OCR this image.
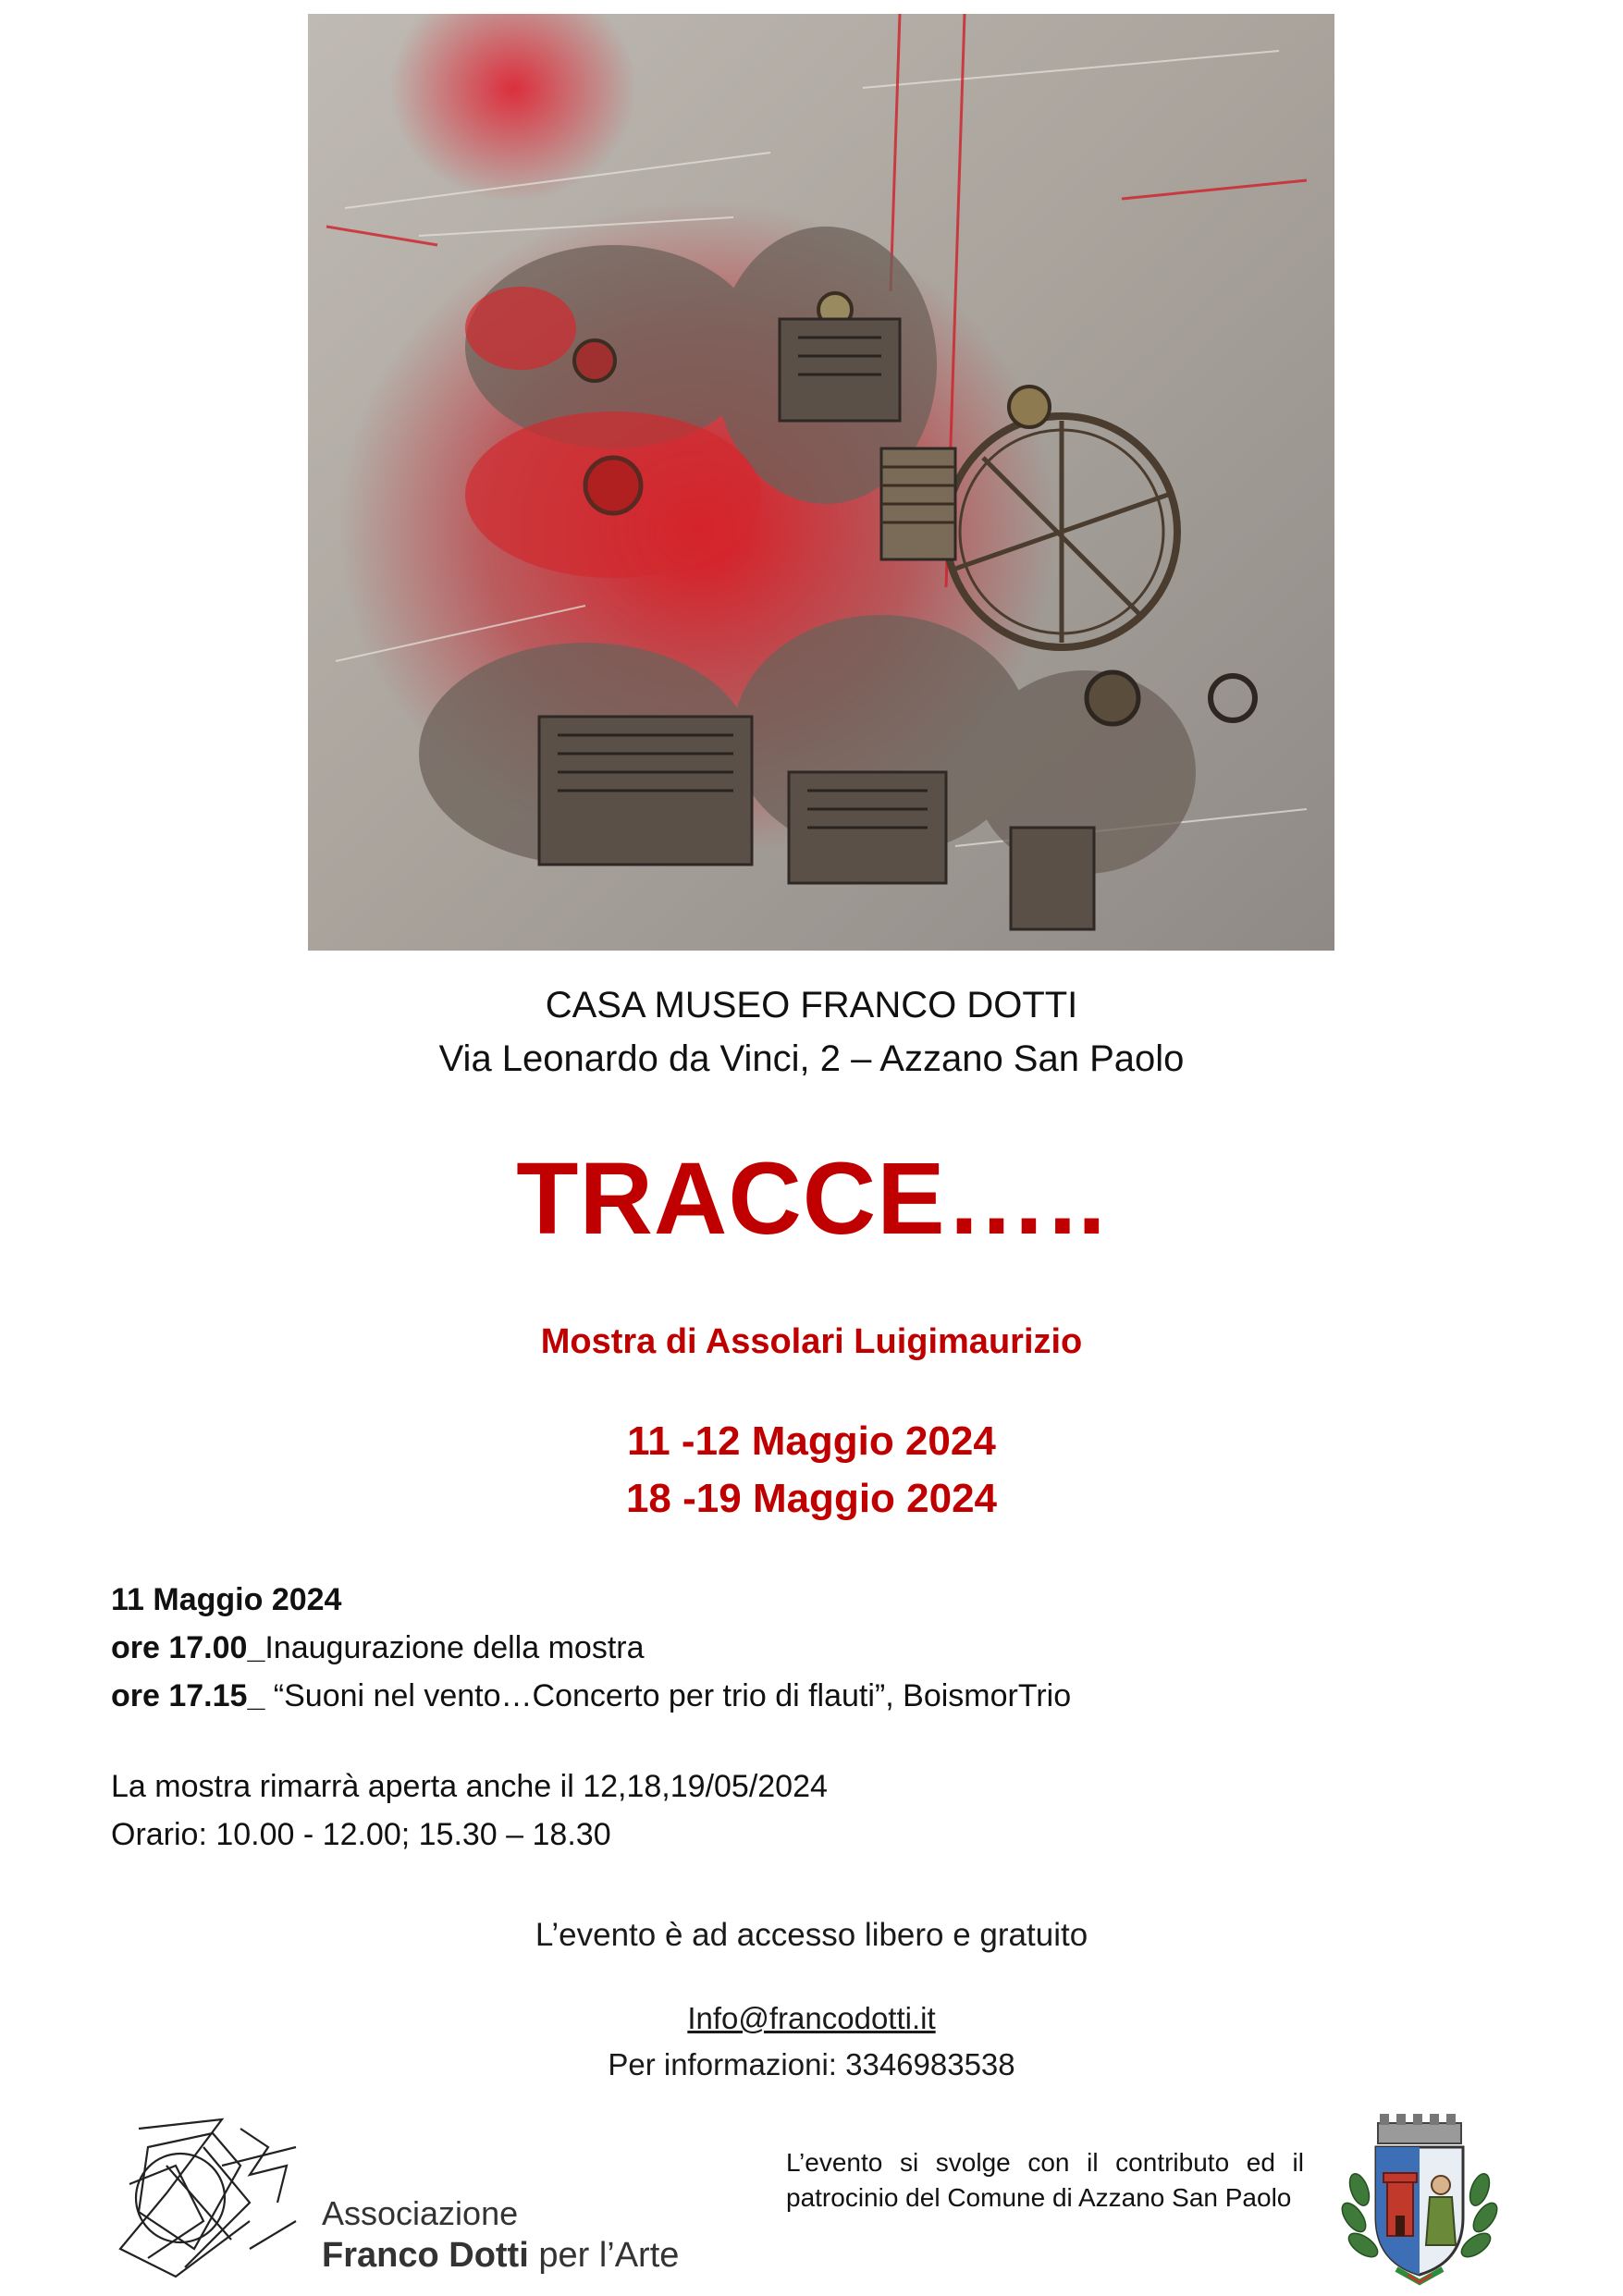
CASA MUSEO FRANCO DOTTI
Via Leonardo da Vinci, 2 – Azzano San Paolo
TRACCE…..
Mostra di Assolari Luigimaurizio
11 -12 Maggio 2024
18 -19 Maggio 2024
11 Maggio 2024
ore 17.00_Inaugurazione della mostra
ore 17.15_ “Suoni nel vento…Concerto per trio di flauti”, BoismorTrio
La mostra rimarrà aperta anche il 12,18,19/05/2024
Orario: 10.00 - 12.00; 15.30 – 18.30
L’evento è ad accesso libero e gratuito
Info@francodotti.it
Per informazioni: 3346983538
Associazione
Franco Dotti per l’Arte
L’evento si svolge con il contributo ed il patrocinio del Comune di Azzano San Paolo
